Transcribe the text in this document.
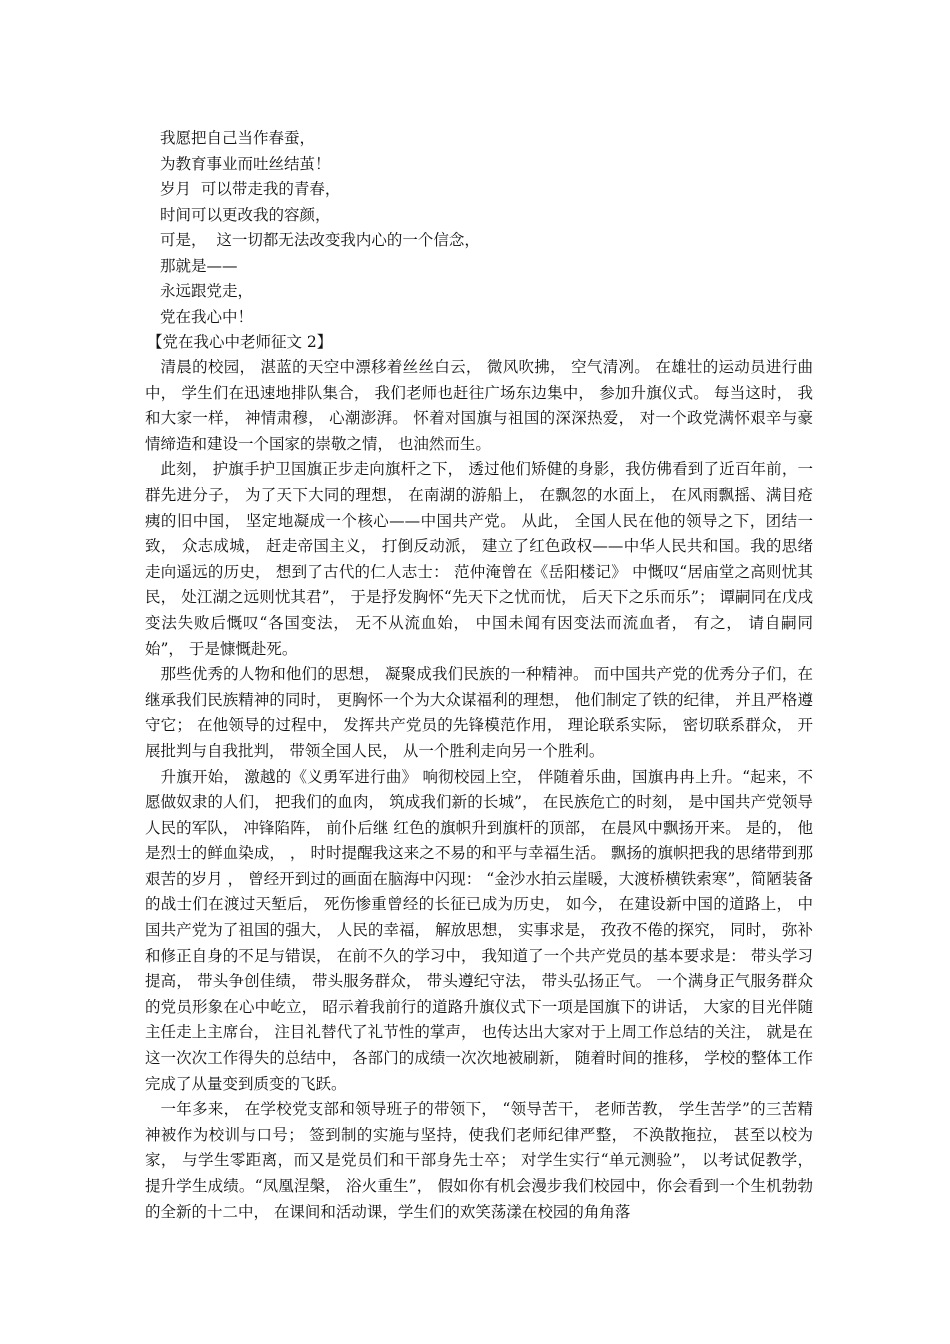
我愿把自己当作春蚕，
为教育事业而吐丝结茧！
岁月  可以带走我的青春，
时间可以更改我的容颜，
可是，  这一切都无法改变我内心的一个信念，
那就是——
永远跟党走，
党在我心中！
【党在我心中老师征文 2】

清晨的校园， 湛蓝的天空中漂移着丝丝白云， 微风吹拂， 空气清冽。 在雄壮的运动员进行曲中， 学生们在迅速地排队集合， 我们老师也赶往广场东边集中， 参加升旗仪式。 每当这时， 我和大家一样， 神情肃穆， 心潮澎湃。 怀着对国旗与祖国的深深热爱， 对一个政党满怀艰辛与豪情缔造和建设一个国家的崇敬之情， 也油然而生。

此刻， 护旗手护卫国旗正步走向旗杆之下， 透过他们矫健的身影，我仿佛看到了近百年前，一群先进分子， 为了天下大同的理想， 在南湖的游船上， 在飘忽的水面上， 在风雨飘摇、满目疮痍的旧中国， 坚定地凝成一个核心——中国共产党。 从此， 全国人民在他的领导之下，团结一致， 众志成城， 赶走帝国主义， 打倒反动派， 建立了红色政权——中华人民共和国。我的思绪走向遥远的历史， 想到了古代的仁人志士： 范仲淹曾在《岳阳楼记》 中慨叹“居庙堂之高则忧其民， 处江湖之远则忧其君”， 于是抒发胸怀“先天下之忧而忧， 后天下之乐而乐”； 谭嗣同在戊戌变法失败后慨叹“各国变法， 无不从流血始， 中国未闻有因变法而流血者， 有之， 请自嗣同始”， 于是慷慨赴死。

那些优秀的人物和他们的思想， 凝聚成我们民族的一种精神。 而中国共产党的优秀分子们，在继承我们民族精神的同时， 更胸怀一个为大众谋福利的理想， 他们制定了铁的纪律， 并且严格遵守它； 在他领导的过程中， 发挥共产党员的先锋模范作用， 理论联系实际， 密切联系群众， 开展批判与自我批判， 带领全国人民， 从一个胜利走向另一个胜利。

升旗开始， 激越的《义勇军进行曲》 响彻校园上空， 伴随着乐曲，国旗冉冉上升。“起来，不愿做奴隶的人们， 把我们的血肉， 筑成我们新的长城”， 在民族危亡的时刻， 是中国共产党领导人民的军队， 冲锋陷阵， 前仆后继 红色的旗帜升到旗杆的顶部， 在晨风中飘扬开来。 是的， 他是烈士的鲜血染成， ， 时时提醒我这来之不易的和平与幸福生活。 飘扬的旗帜把我的思绪带到那艰苦的岁月 ， 曾经开到过的画面在脑海中闪现： “金沙水拍云崖暖，大渡桥横铁索寒”，简陋装备的战士们在渡过天堑后， 死伤惨重曾经的长征已成为历史， 如今， 在建设新中国的道路上， 中国共产党为了祖国的强大， 人民的幸福， 解放思想， 实事求是， 孜孜不倦的探究， 同时， 弥补和修正自身的不足与错误， 在前不久的学习中， 我知道了一个共产党员的基本要求是： 带头学习提高， 带头争创佳绩， 带头服务群众， 带头遵纪守法， 带头弘扬正气。 一个满身正气服务群众的党员形象在心中屹立， 昭示着我前行的道路升旗仪式下一项是国旗下的讲话， 大家的目光伴随主任走上主席台， 注目礼替代了礼节性的掌声， 也传达出大家对于上周工作总结的关注， 就是在这一次次工作得失的总结中， 各部门的成绩一次次地被刷新， 随着时间的推移， 学校的整体工作完成了从量变到质变的飞跃。

一年多来， 在学校党支部和领导班子的带领下， “领导苦干， 老师苦教， 学生苦学”的三苦精神被作为校训与口号； 签到制的实施与坚持，使我们老师纪律严整， 不涣散拖拉， 甚至以校为家， 与学生零距离，而又是党员们和干部身先士卒； 对学生实行“单元测验”， 以考试促教学， 提升学生成绩。“凤凰涅槃， 浴火重生”， 假如你有机会漫步我们校园中，你会看到一个生机勃勃的全新的十二中， 在课间和活动课，学生们的欢笑荡漾在校园的角角落
